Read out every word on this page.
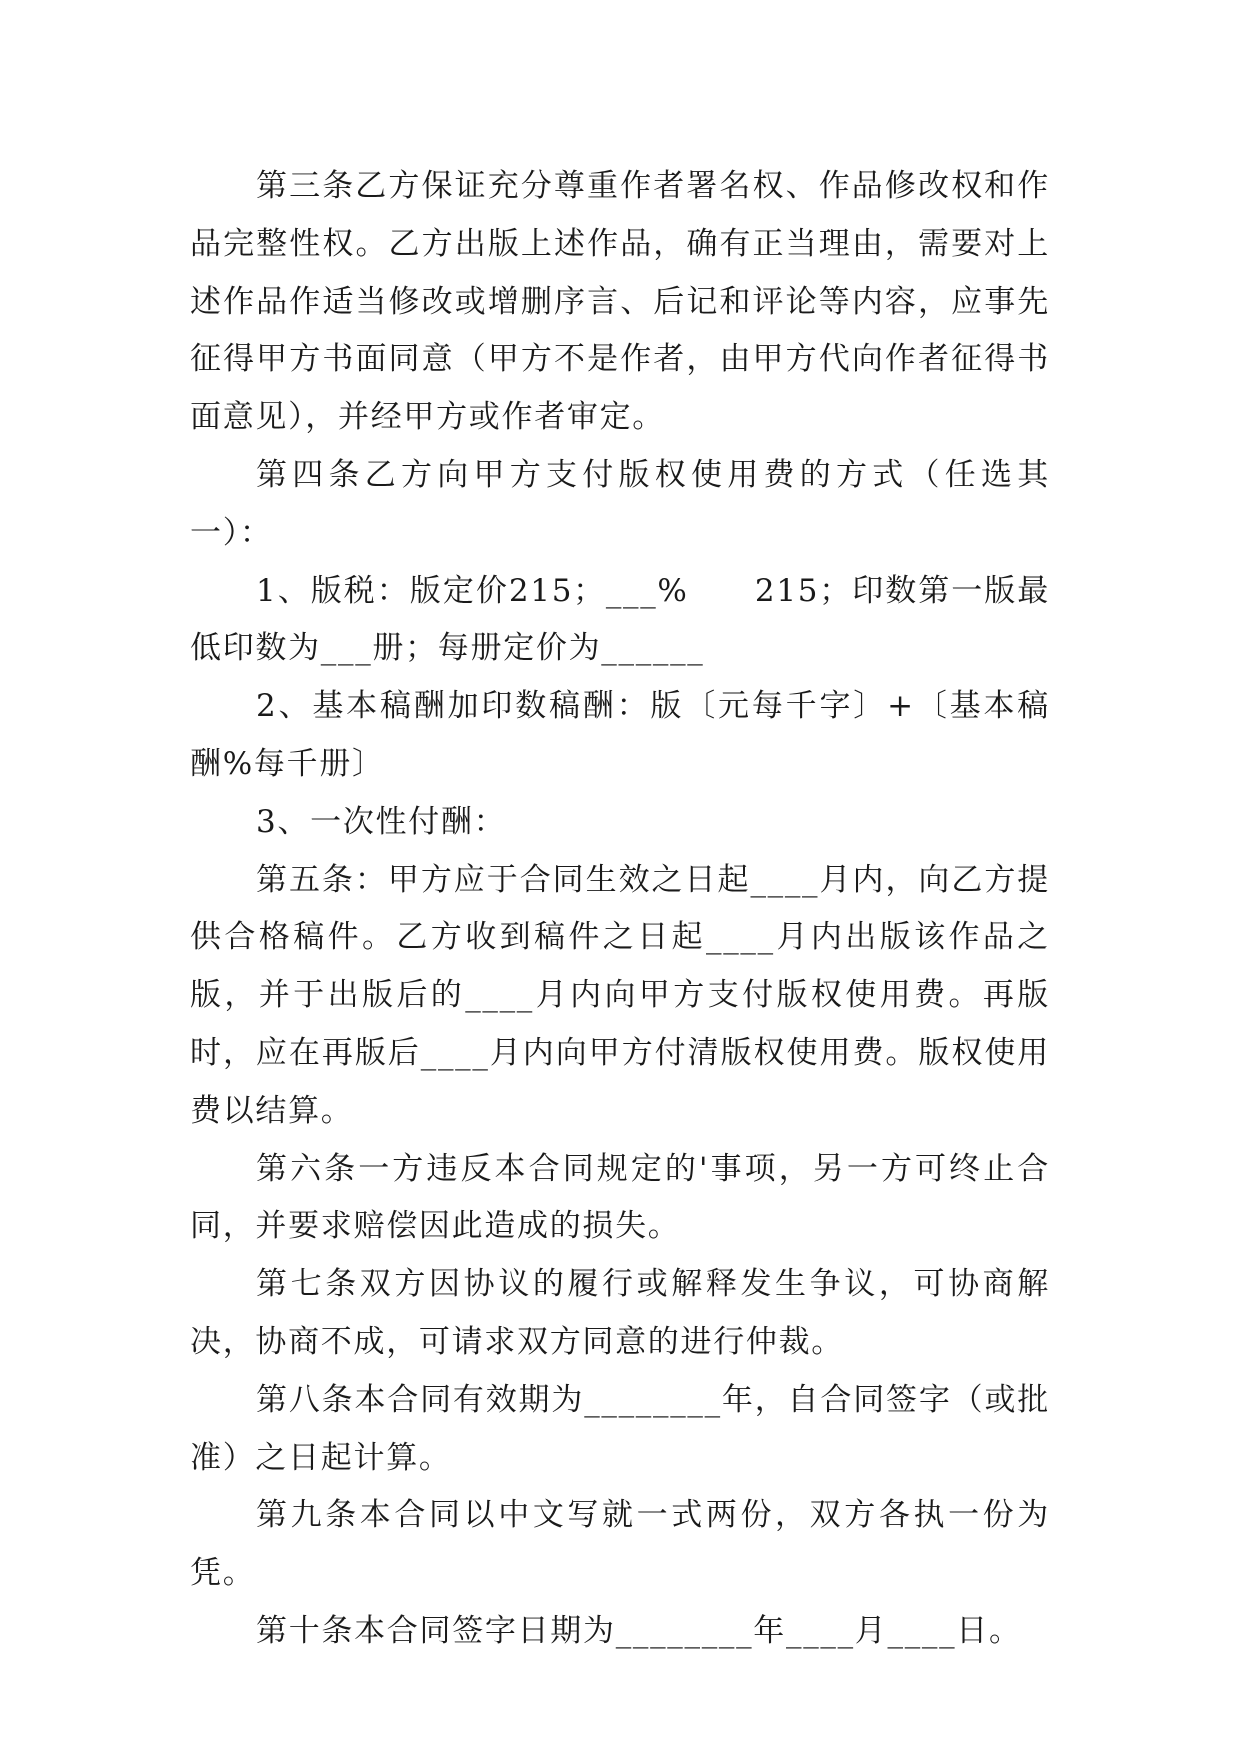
第三条乙方保证充分尊重作者署名权、作品修改权和作品完整性权。乙方出版上述作品，确有正当理由，需要对上述作品作适当修改或增删序言、后记和评论等内容，应事先征得甲方书面同意（甲方不是作者，由甲方代向作者征得书面意见），并经甲方或作者审定。

第四条乙方向甲方支付版权使用费的方式（任选其一）：

1、版税：版定价215；___%　　215；印数第一版最低印数为___册；每册定价为______

2、基本稿酬加印数稿酬：版〔元每千字〕+〔基本稿酬%每千册〕

3、一次性付酬：

第五条：甲方应于合同生效之日起____月内，向乙方提供合格稿件。乙方收到稿件之日起____月内出版该作品之版，并于出版后的____月内向甲方支付版权使用费。再版时，应在再版后____月内向甲方付清版权使用费。版权使用费以结算。

第六条一方违反本合同规定的'事项，另一方可终止合同，并要求赔偿因此造成的损失。

第七条双方因协议的履行或解释发生争议，可协商解决，协商不成，可请求双方同意的进行仲裁。

第八条本合同有效期为________年，自合同签字（或批准）之日起计算。

第九条本合同以中文写就一式两份，双方各执一份为凭。

第十条本合同签字日期为________年____月____日。
